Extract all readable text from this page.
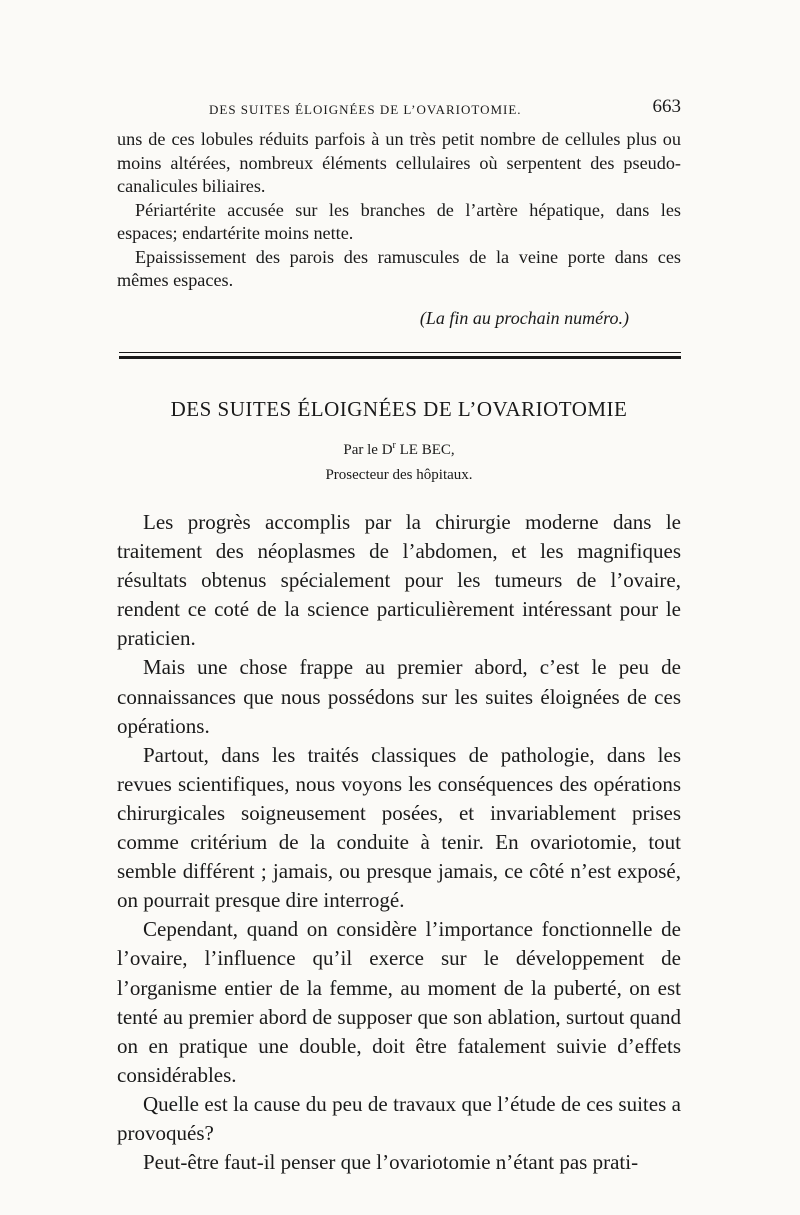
DES SUITES ÉLOIGNÉES DE L’OVARIOTOMIE.	663

uns de ces lobules réduits parfois à un très petit nombre de cellules plus ou moins altérées, nombreux éléments cellulaires où serpentent des pseudo-canalicules biliaires.

Périartérite accusée sur les branches de l’artère hépatique, dans les espaces; endartérite moins nette.

Epaississement des parois des ramuscules de la veine porte dans ces mêmes espaces.

(La fin au prochain numéro.)
DES SUITES ÉLOIGNÉES DE L’OVARIOTOMIE
Par le $D^r$ LE BEC,
Prosecteur des hôpitaux.

Les progrès accomplis par la chirurgie moderne dans le traitement des néoplasmes de l’abdomen, et les magnifiques résultats obtenus spécialement pour les tumeurs de l’ovaire, rendent ce coté de la science particulièrement intéressant pour le praticien.

Mais une chose frappe au premier abord, c’est le peu de connaissances que nous possédons sur les suites éloignées de ces opérations.

Partout, dans les traités classiques de pathologie, dans les revues scientifiques, nous voyons les conséquences des opérations chirurgicales soigneusement posées, et invariablement prises comme critérium de la conduite à tenir. En ovariotomie, tout semble différent ; jamais, ou presque jamais, ce côté n’est exposé, on pourrait presque dire interrogé.

Cependant, quand on considère l’importance fonctionnelle de l’ovaire, l’influence qu’il exerce sur le développement de l’organisme entier de la femme, au moment de la puberté, on est tenté au premier abord de supposer que son ablation, surtout quand on en pratique une double, doit être fatalement suivie d’effets considérables.

Quelle est la cause du peu de travaux que l’étude de ces suites a provoqués?

Peut-être faut-il penser que l’ovariotomie n’étant pas prati-
